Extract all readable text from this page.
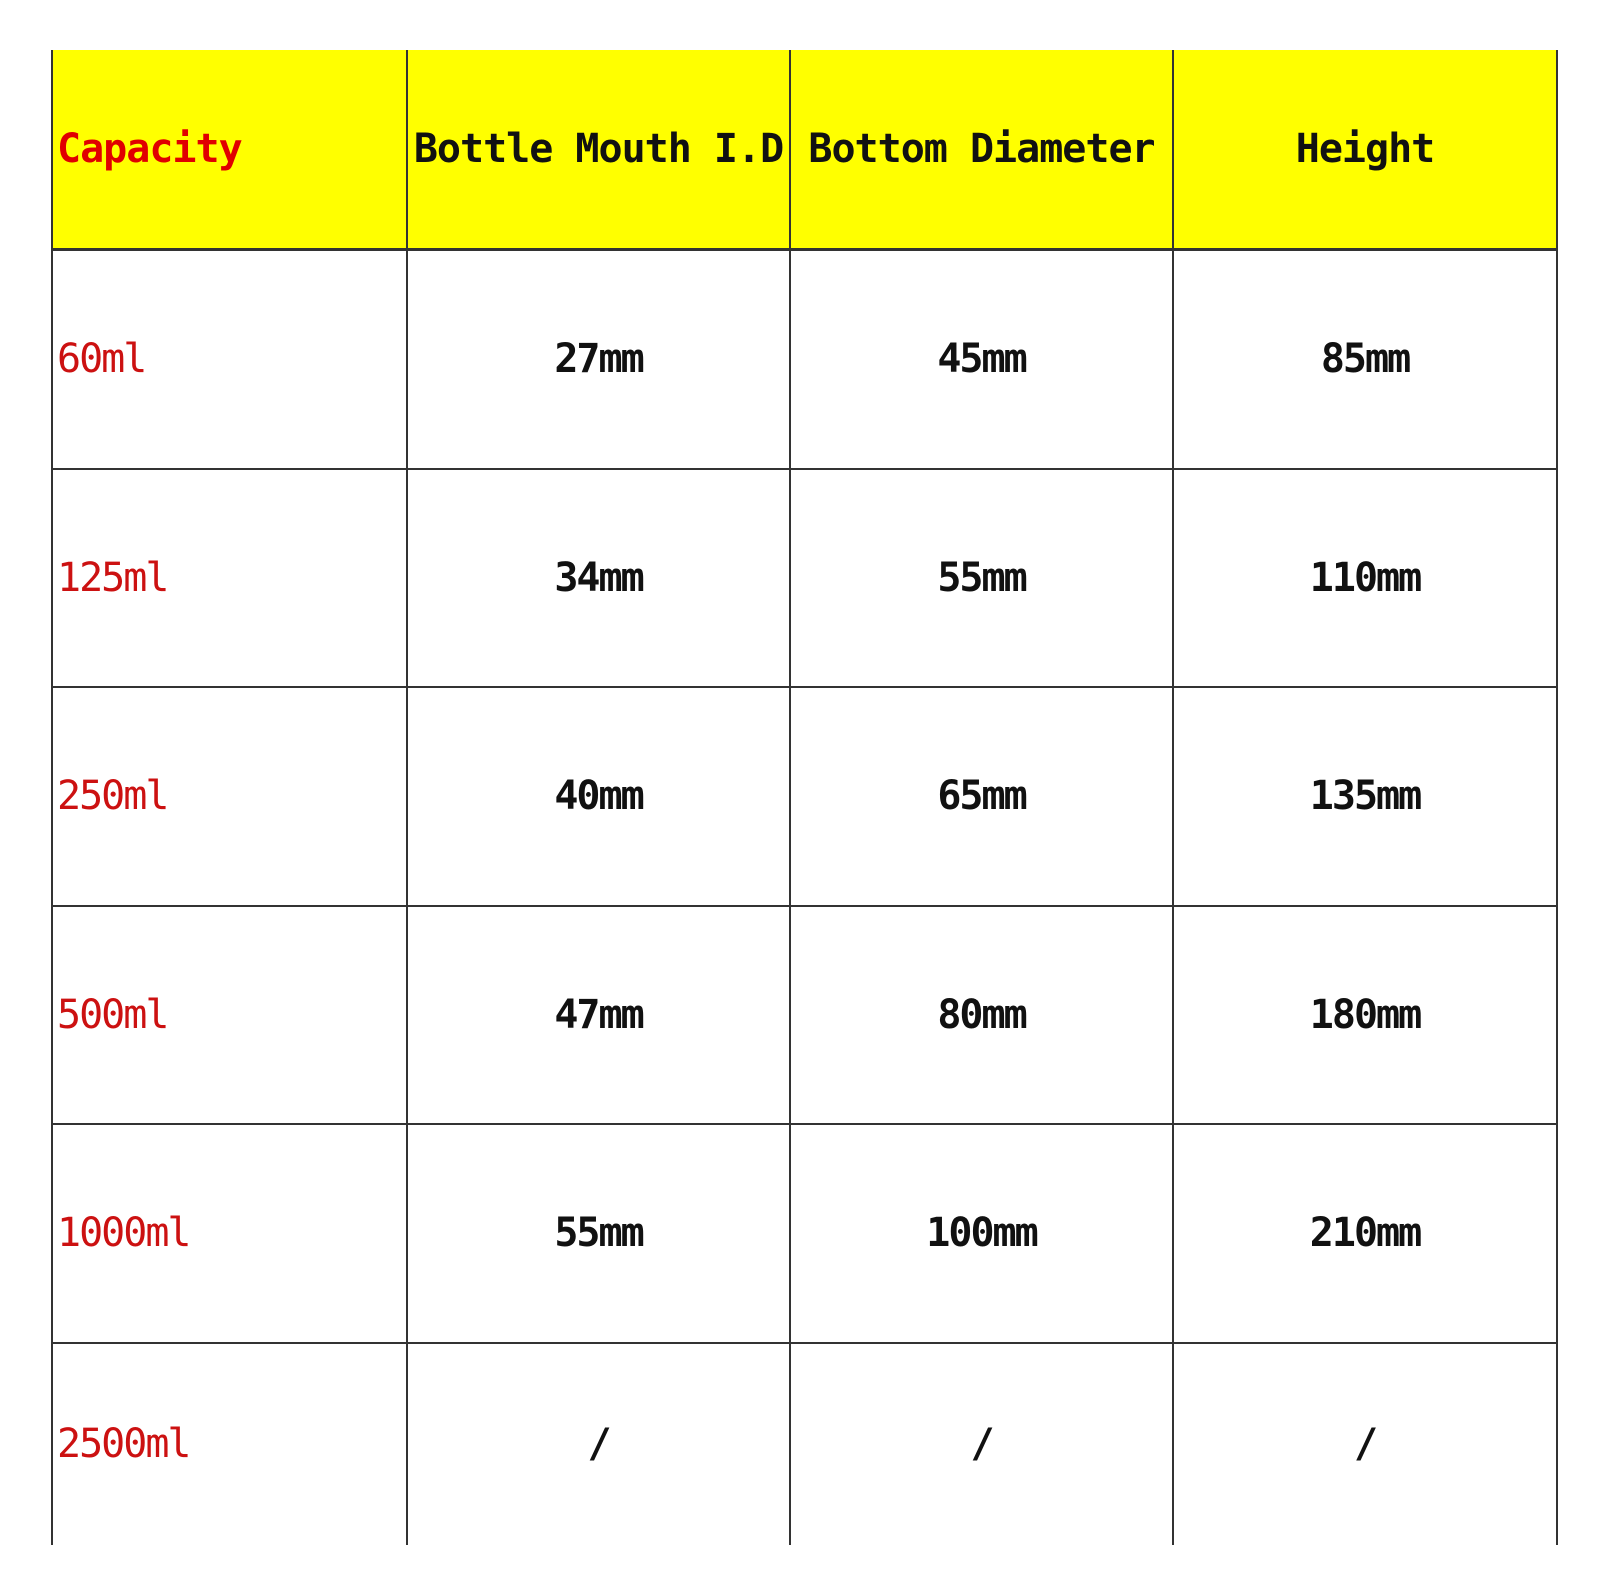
Capacity	Bottle Mouth I.D	Bottom Diameter	Height
60ml	27mm	45mm	85mm
125ml	34mm	55mm	110mm
250ml	40mm	65mm	135mm
500ml	47mm	80mm	180mm
1000ml	55mm	100mm	210mm
2500ml	/	/	/
